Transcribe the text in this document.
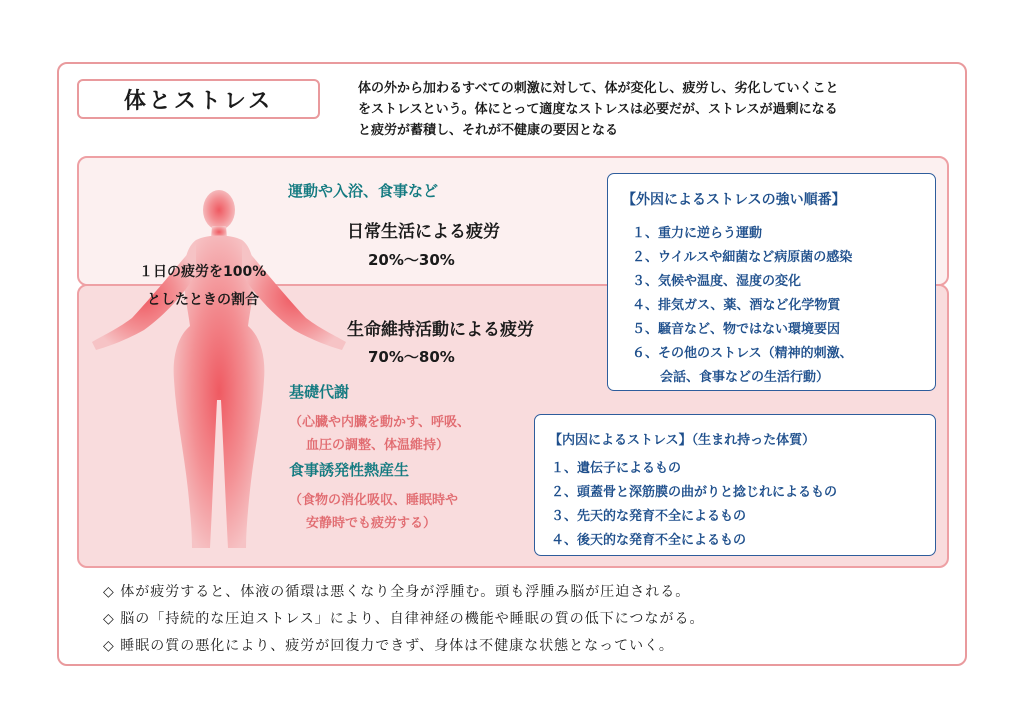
体とストレス	体の外から加わるすべての刺激に対して、体が変化し、疲労し、劣化していくこと
をストレスという。体にとって適度なストレスは必要だが、ストレスが過剰になる
と疲労が蓄積し、それが不健康の要因となる
１日の疲労を100%
としたときの割合
運動や入浴、食事など
日常生活による疲労
20%〜30%
生命維持活動による疲労
70%〜80%
基礎代謝
（心臓や内臓を動かす、呼吸、
血圧の調整、体温維持）
食事誘発性熱産生
（食物の消化吸収、睡眠時や
安静時でも疲労する）
【外因によるストレスの強い順番】
１、重力に逆らう運動
２、ウイルスや細菌など病原菌の感染
３、気候や温度、湿度の変化
４、排気ガス、薬、酒など化学物質
５、騒音など、物ではない環境要因
６、その他のストレス（精神的刺激、
会話、食事などの生活行動）
【内因によるストレス】（生まれ持った体質）
１、遺伝子によるもの
２、頭蓋骨と深筋膜の曲がりと捻じれによるもの
３、先天的な発育不全によるもの
４、後天的な発育不全によるもの
◇ 体が疲労すると、体液の循環は悪くなり全身が浮腫む。頭も浮腫み脳が圧迫される。
◇ 脳の「持続的な圧迫ストレス」により、自律神経の機能や睡眠の質の低下につながる。
◇ 睡眠の質の悪化により、疲労が回復力できず、身体は不健康な状態となっていく。
